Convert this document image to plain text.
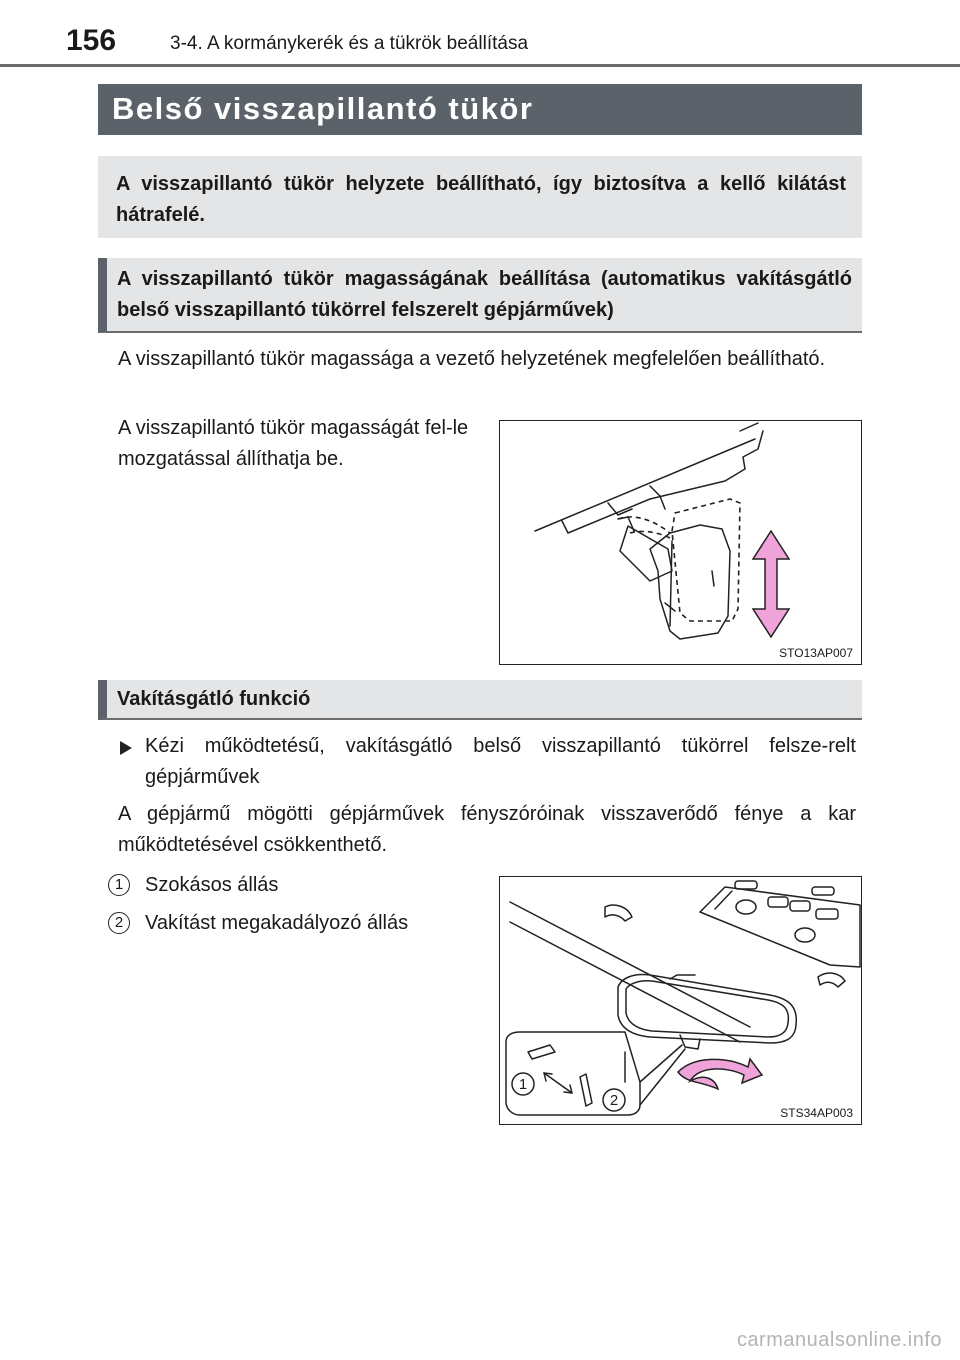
156	3-4. A kormánykerék és a tükrök beállítása
Belső visszapillantó tükör

A visszapillantó tükör helyzete beállítható, így biztosítva a kellő kilátást hátrafelé.

A visszapillantó tükör magasságának beállítása (automatikus vakításgátló belső visszapillantó tükörrel felszerelt gépjárművek)

A visszapillantó tükör magassága a vezető helyzetének megfelelően beállítható.

A visszapillantó tükör magasságát fel-le mozgatással állíthatja be.

STO13AP007

Vakításgátló funkció

Kézi működtetésű, vakításgátló belső visszapillantó tükörrel felsze-relt gépjárművek

A gépjármű mögötti gépjárművek fényszóróinak visszaverődő fénye a kar működtetésével csökkenthető.

1	Szokásos állás

2	Vakítást megakadályozó állás

1
2
STS34AP003
carmanualsonline.info
